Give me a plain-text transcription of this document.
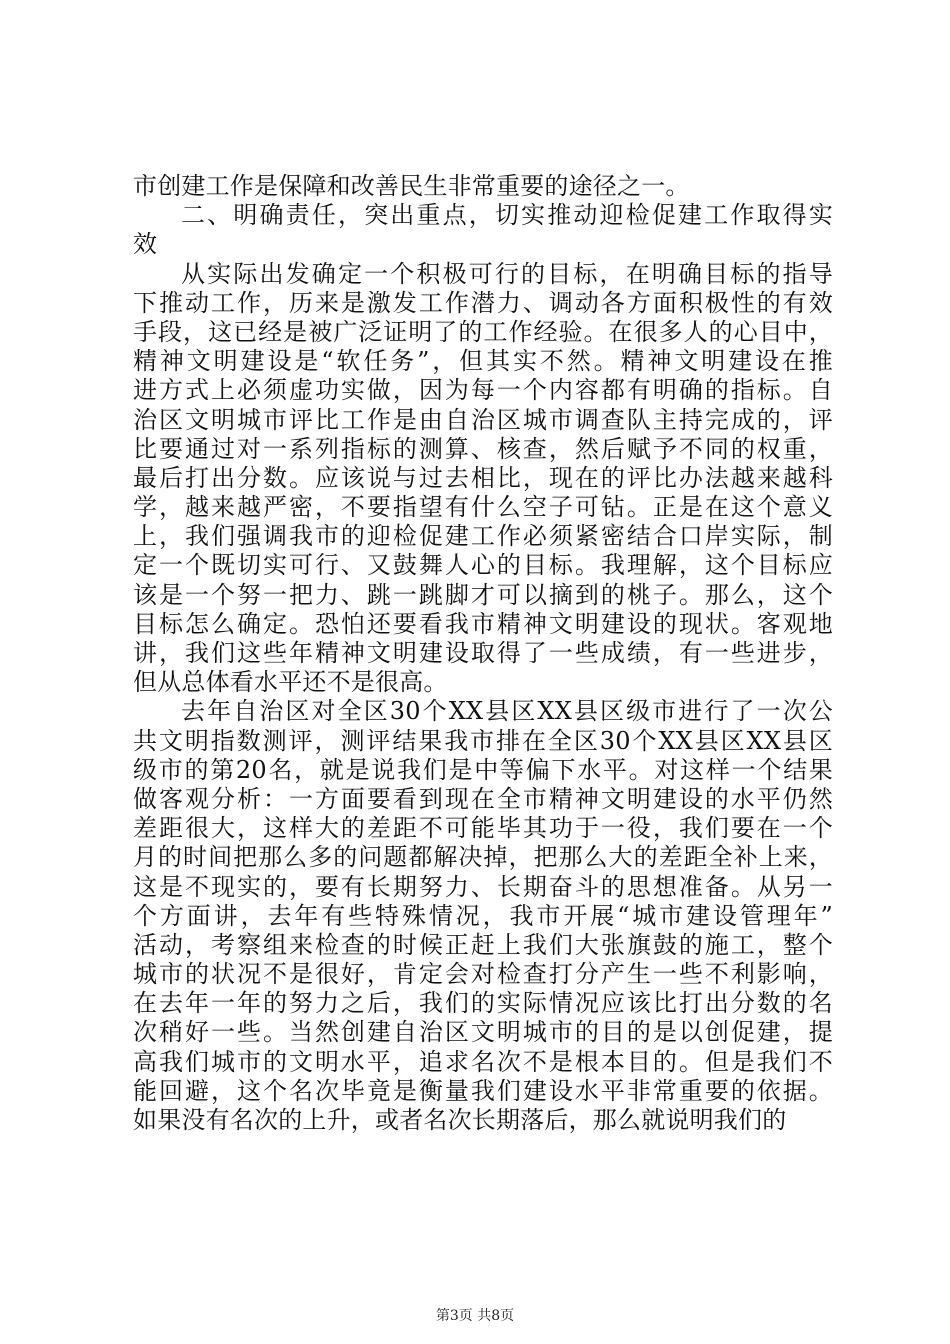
市创建工作是保障和改善民生非常重要的途径之一。
二、明确责任，突出重点，切实推动迎检促建工作取得实
效
从实际出发确定一个积极可行的目标，在明确目标的指导
下推动工作，历来是激发工作潜力、调动各方面积极性的有效
手段，这已经是被广泛证明了的工作经验。在很多人的心目中，
精神文明建设是“软任务”，但其实不然。精神文明建设在推
进方式上必须虚功实做，因为每一个内容都有明确的指标。自
治区文明城市评比工作是由自治区城市调查队主持完成的，评
比要通过对一系列指标的测算、核查，然后赋予不同的权重，
最后打出分数。应该说与过去相比，现在的评比办法越来越科
学，越来越严密，不要指望有什么空子可钻。正是在这个意义
上，我们强调我市的迎检促建工作必须紧密结合口岸实际，制
定一个既切实可行、又鼓舞人心的目标。我理解，这个目标应
该是一个努一把力、跳一跳脚才可以摘到的桃子。那么，这个
目标怎么确定。恐怕还要看我市精神文明建设的现状。客观地
讲，我们这些年精神文明建设取得了一些成绩，有一些进步，
但从总体看水平还不是很高。
去年自治区对全区30个XX县区XX县区级市进行了一次公
共文明指数测评，测评结果我市排在全区30个XX县区XX县区
级市的第20名，就是说我们是中等偏下水平。对这样一个结果
做客观分析：一方面要看到现在全市精神文明建设的水平仍然
差距很大，这样大的差距不可能毕其功于一役，我们要在一个
月的时间把那么多的问题都解决掉，把那么大的差距全补上来，
这是不现实的，要有长期努力、长期奋斗的思想准备。从另一
个方面讲，去年有些特殊情况，我市开展“城市建设管理年”
活动，考察组来检查的时候正赶上我们大张旗鼓的施工，整个
城市的状况不是很好，肯定会对检查打分产生一些不利影响，
在去年一年的努力之后，我们的实际情况应该比打出分数的名
次稍好一些。当然创建自治区文明城市的目的是以创促建，提
高我们城市的文明水平，追求名次不是根本目的。但是我们不
能回避，这个名次毕竟是衡量我们建设水平非常重要的依据。
如果没有名次的上升，或者名次长期落后，那么就说明我们的
第3页 共8页
